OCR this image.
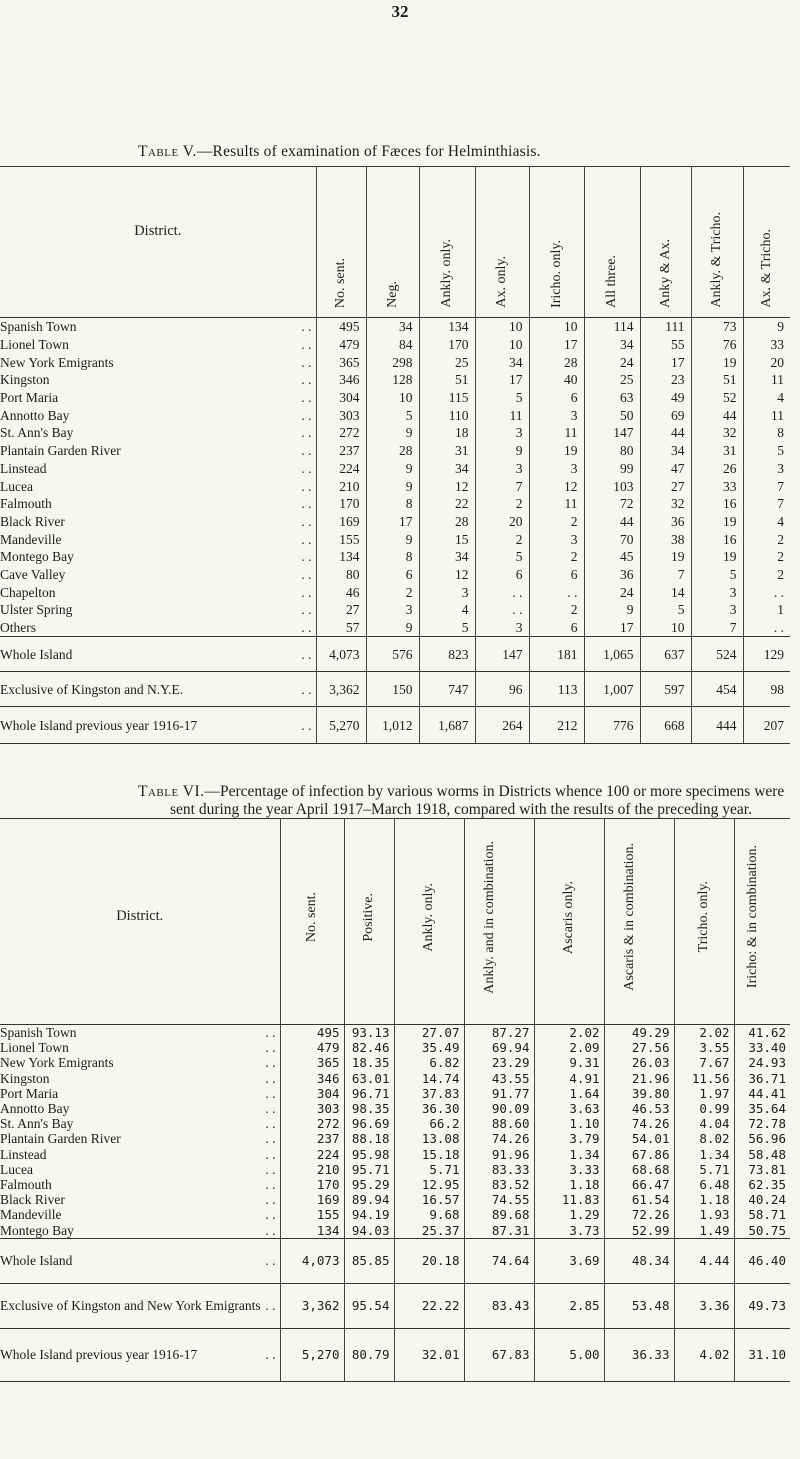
32
Table V.—Results of examination of Fæces for Helminthiasis.
District.	No. sent.	Neg.	Ankly. only.	Ax. only.	Iricho. only.	All three.	Anky & Ax.	Ankly. & Tricho.	Ax. & Tricho.

. .
Spanish Town	495	34	134	10	10	114	111	73	9

. .
Lionel Town	479	84	170	10	17	34	55	76	33

. .
New York Emigrants	365	298	25	34	28	24	17	19	20

. .
Kingston	346	128	51	17	40	25	23	51	11

. .
Port Maria	304	10	115	5	6	63	49	52	4

. .
Annotto Bay	303	5	110	11	3	50	69	44	11

. .
St. Ann's Bay	272	9	18	3	11	147	44	32	8

. .
Plantain Garden River	237	28	31	9	19	80	34	31	5

. .
Linstead	224	9	34	3	3	99	47	26	3

. .
Lucea	210	9	12	7	12	103	27	33	7

. .
Falmouth	170	8	22	2	11	72	32	16	7

. .
Black River	169	17	28	20	2	44	36	19	4

. .
Mandeville	155	9	15	2	3	70	38	16	2

. .
Montego Bay	134	8	34	5	2	45	19	19	2

. .
Cave Valley	80	6	12	6	6	36	7	5	2

. .
Chapelton	46	2	3	. .	. .	24	14	3	. .

. .
Ulster Spring	27	3	4	. .	2	9	5	3	1

. .
Others	57	9	5	3	6	17	10	7	. .

. .
Whole Island	4,073	576	823	147	181	1,065	637	524	129

. .
Exclusive of Kingston and N.Y.E.	3,362	150	747	96	113	1,007	597	454	98

. .
Whole Island previous year 1916-17	5,270	1,012	1,687	264	212	776	668	444	207
Table VI.—Percentage of infection by various worms in Districts whence 100 or more specimens were
sent during the year April 1917–March 1918, compared with the results of the preceding year.
District.	No. sent.	Positive.	Ankly. only.	Ankly. and in combination.	Ascaris only.	Ascaris & in combination.	Tricho. only.	Iricho: & in combination.

. .
Spanish Town	495	93.13	27.07	87.27	2.02	49.29	2.02	41.62

. .
Lionel Town	479	82.46	35.49	69.94	2.09	27.56	3.55	33.40

. .
New York Emigrants	365	18.35	6.82	23.29	9.31	26.03	7.67	24.93

. .
Kingston	346	63.01	14.74	43.55	4.91	21.96	11.56	36.71

. .
Port Maria	304	96.71	37.83	91.77	1.64	39.80	1.97	44.41

. .
Annotto Bay	303	98.35	36.30	90.09	3.63	46.53	0.99	35.64

. .
St. Ann's Bay	272	96.69	66.2	88.60	1.10	74.26	4.04	72.78

. .
Plantain Garden River	237	88.18	13.08	74.26	3.79	54.01	8.02	56.96

. .
Linstead	224	95.98	15.18	91.96	1.34	67.86	1.34	58.48

. .
Lucea	210	95.71	5.71	83.33	3.33	68.68	5.71	73.81

. .
Falmouth	170	95.29	12.95	83.52	1.18	66.47	6.48	62.35

. .
Black River	169	89.94	16.57	74.55	11.83	61.54	1.18	40.24

. .
Mandeville	155	94.19	9.68	89.68	1.29	72.26	1.93	58.71

. .
Montego Bay	134	94.03	25.37	87.31	3.73	52.99	1.49	50.75

. .
Whole Island	4,073	85.85	20.18	74.64	3.69	48.34	4.44	46.40

. .
Exclusive of Kingston and New York Emigrants	3,362	95.54	22.22	83.43	2.85	53.48	3.36	49.73

. .
Whole Island previous year 1916-17	5,270	80.79	32.01	67.83	5.00	36.33	4.02	31.10
